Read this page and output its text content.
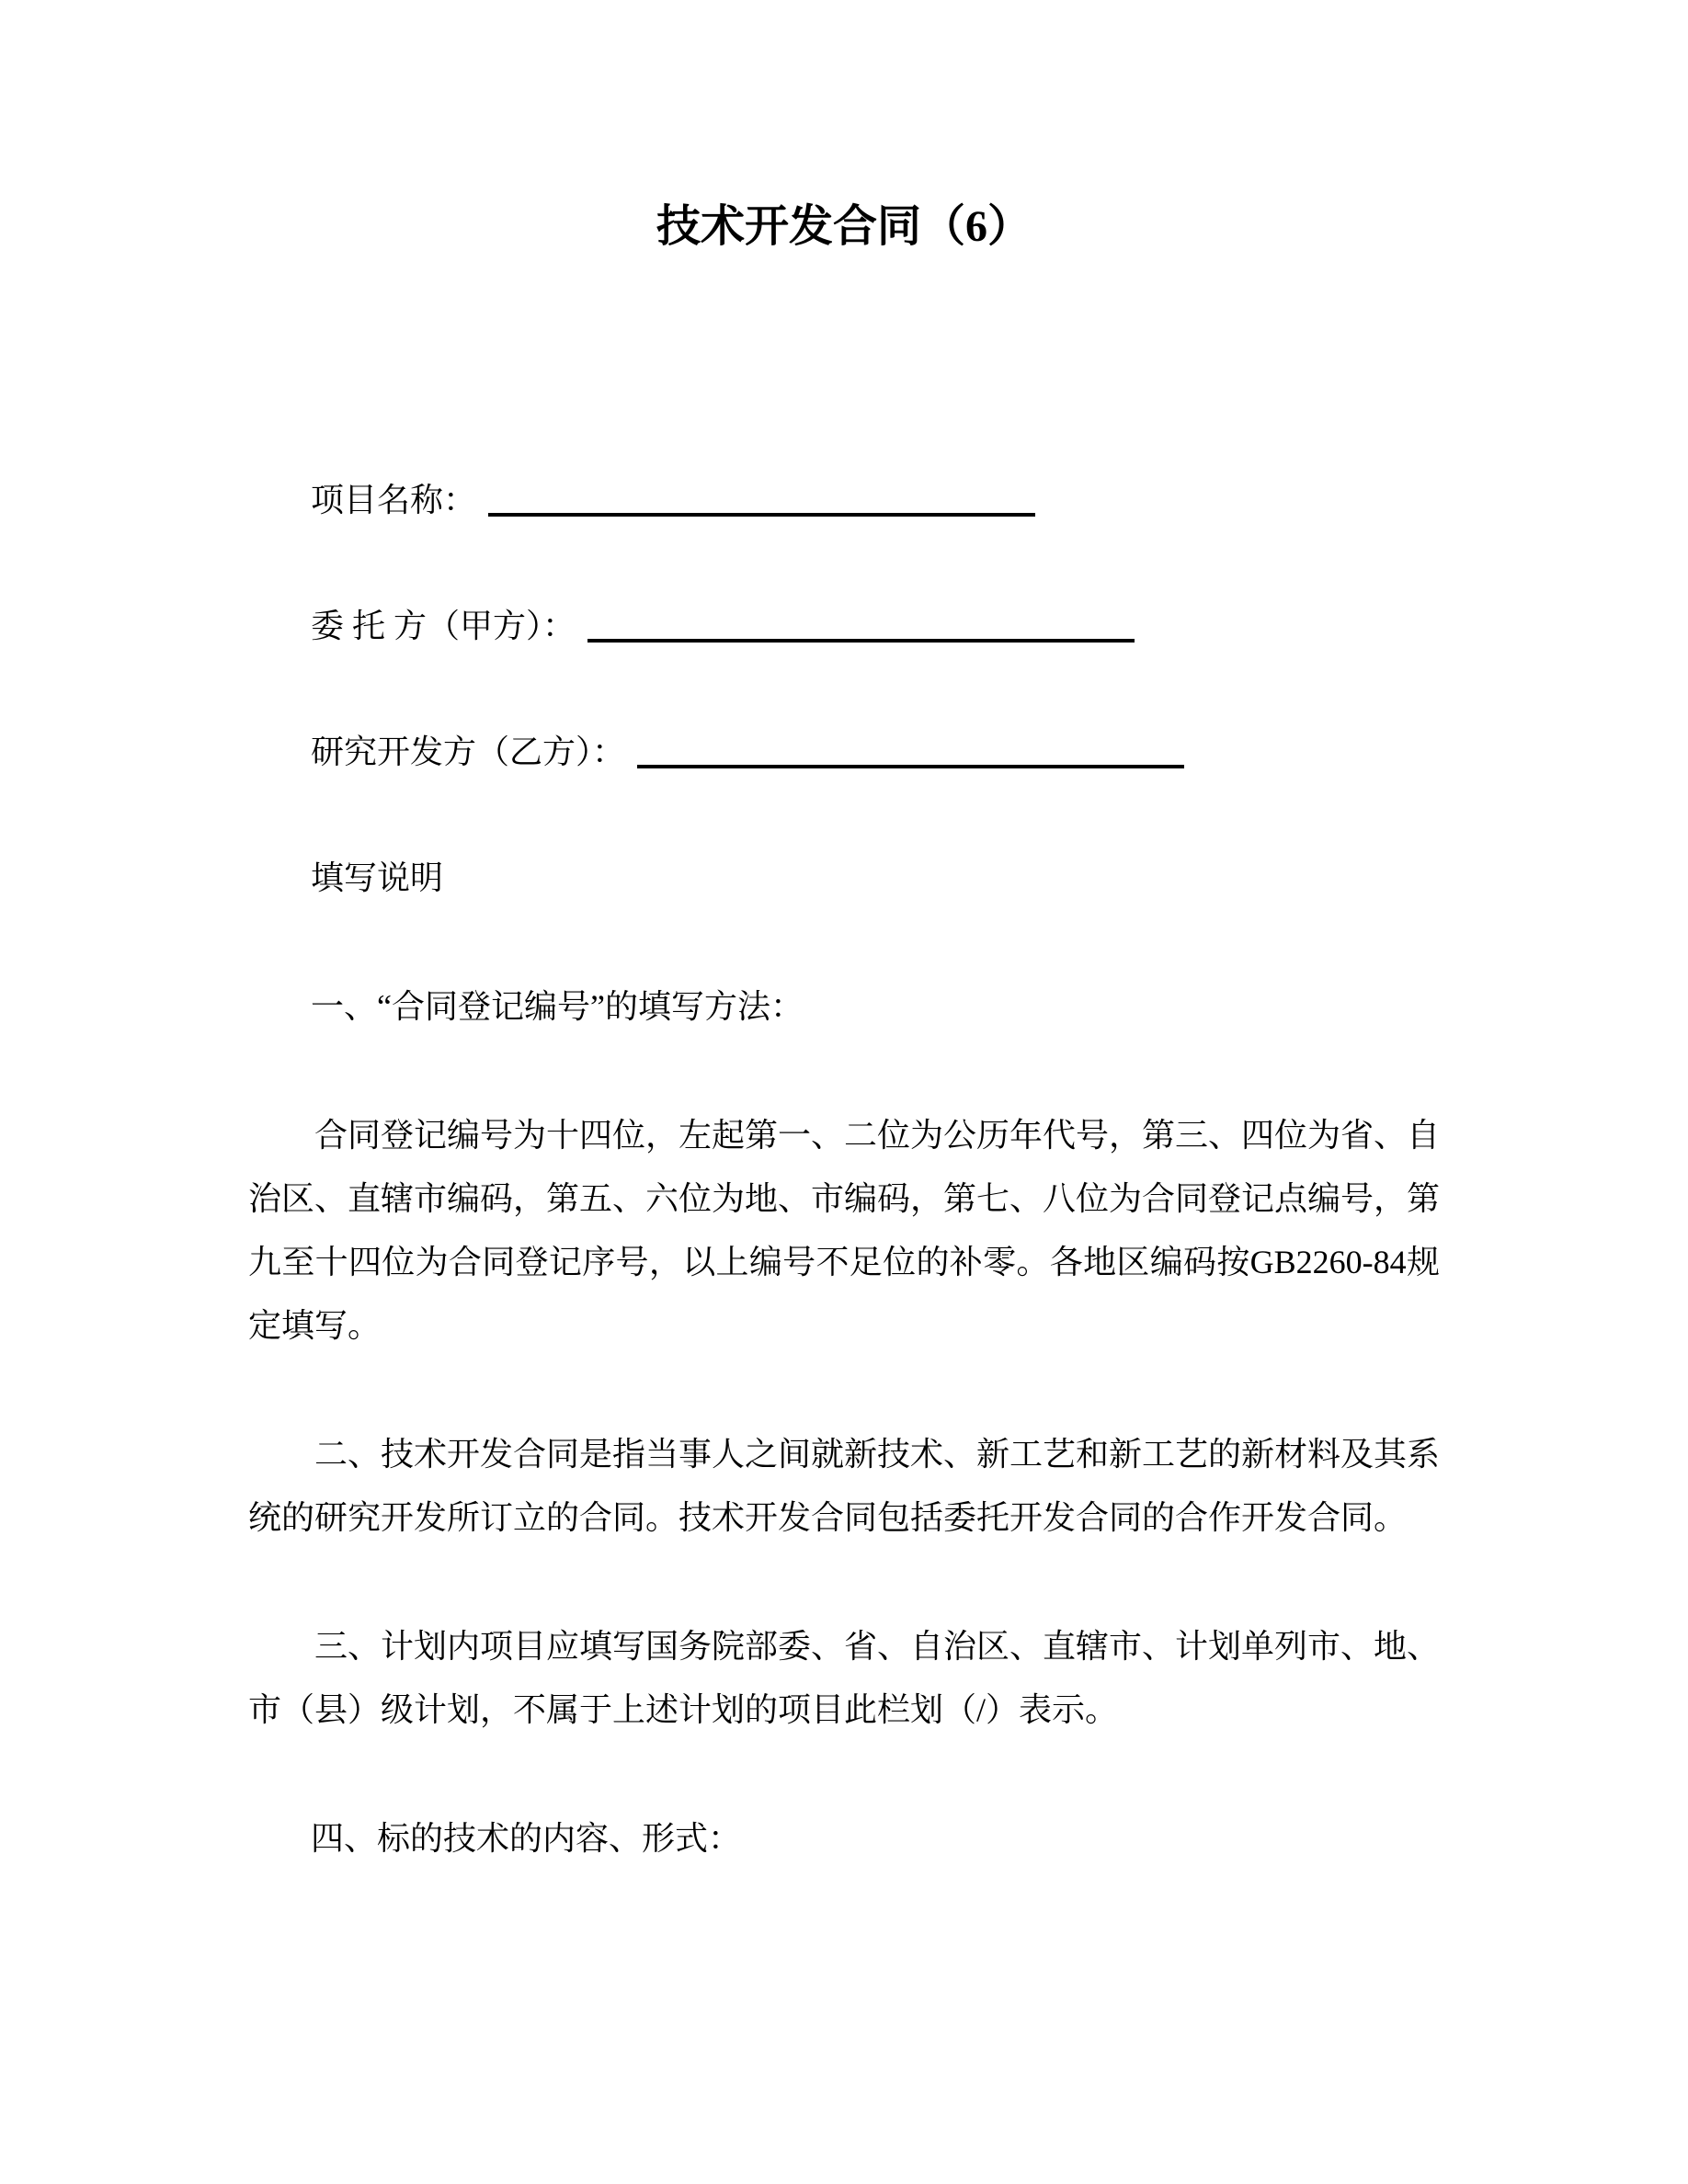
技术开发合同（6）

项目名称：

委 托 方（甲方）：

研究开发方（乙方）：

填写说明

一、“合同登记编号”的填写方法：

合同登记编号为十四位，左起第一、二位为公历年代号，第三、四位为省、自治区、直辖市编码，第五、六位为地、市编码，第七、八位为合同登记点编号，第九至十四位为合同登记序号，以上编号不足位的补零。各地区编码按GB2260-84规定填写。

二、技术开发合同是指当事人之间就新技术、新工艺和新工艺的新材料及其系统的研究开发所订立的合同。技术开发合同包括委托开发合同的合作开发合同。

三、计划内项目应填写国务院部委、省、自治区、直辖市、计划单列市、地、市（县）级计划，不属于上述计划的项目此栏划（/）表示。

四、标的技术的内容、形式：
